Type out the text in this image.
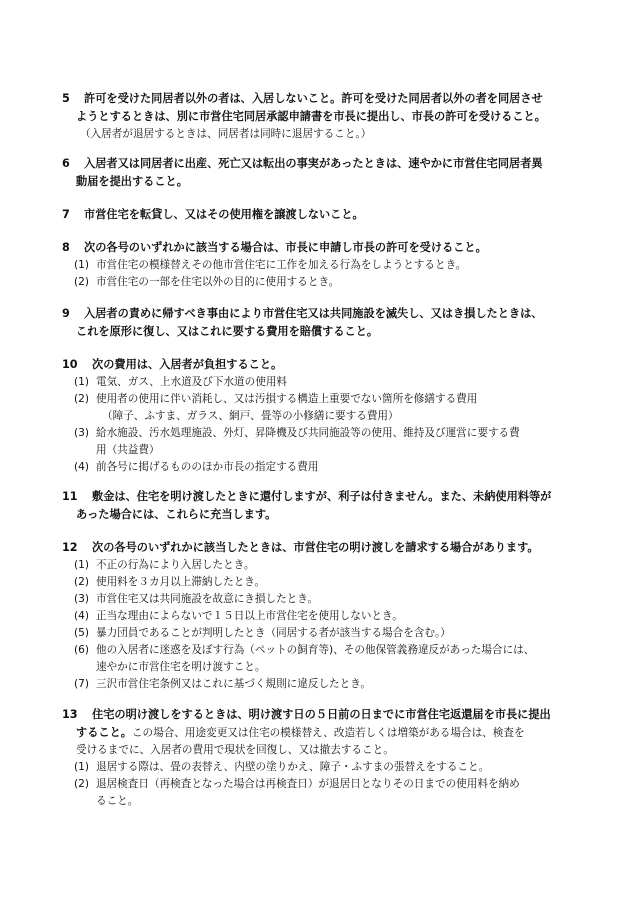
5 許可を受けた同居者以外の者は、入居しないこと。許可を受けた同居者以外の者を同居させ
ようとするときは、別に市営住宅同居承認申請書を市長に提出し、市長の許可を受けること。
（入居者が退居するときは、同居者は同時に退居すること。）
6 入居者又は同居者に出産、死亡又は転出の事実があったときは、速やかに市営住宅同居者異
動届を提出すること。
7 市営住宅を転貸し、又はその使用権を譲渡しないこと。
8 次の各号のいずれかに該当する場合は、市長に申請し市長の許可を受けること。
(1) 市営住宅の模様替えその他市営住宅に工作を加える行為をしようとするとき。
(2) 市営住宅の一部を住宅以外の目的に使用するとき。
9 入居者の責めに帰すべき事由により市営住宅又は共同施設を滅失し、又はき損したときは、
これを原形に復し、又はこれに要する費用を賠償すること。
10 次の費用は、入居者が負担すること。
(1) 電気、ガス、上水道及び下水道の使用料
(2) 使用者の使用に伴い消耗し、又は汚損する構造上重要でない箇所を修繕する費用
（障子、ふすま、ガラス、網戸、畳等の小修繕に要する費用）
(3) 給水施設、汚水処理施設、外灯、昇降機及び共同施設等の使用、維持及び運営に要する費
用（共益費）
(4) 前各号に掲げるもののほか市長の指定する費用
11 敷金は、住宅を明け渡したときに還付しますが、利子は付きません。また、未納使用料等が
あった場合には、これらに充当します。
12 次の各号のいずれかに該当したときは、市営住宅の明け渡しを請求する場合があります。
(1) 不正の行為により入居したとき。
(2) 使用料を３カ月以上滞納したとき。
(3) 市営住宅又は共同施設を故意にき損したとき。
(4) 正当な理由によらないで１５日以上市営住宅を使用しないとき。
(5) 暴力団員であることが判明したとき（同居する者が該当する場合を含む。）
(6) 他の入居者に迷惑を及ぼす行為（ペットの飼育等)、その他保管義務違反があった場合には、
速やかに市営住宅を明け渡すこと。
(7) 三沢市営住宅条例又はこれに基づく規則に違反したとき。
13 住宅の明け渡しをするときは、明け渡す日の５日前の日までに市営住宅返還届を市長に提出
すること。この場合、用途変更又は住宅の模様替え、改造若しくは増築がある場合は、検査を
受けるまでに、入居者の費用で現状を回復し、又は撤去すること。
(1) 退居する際は、畳の表替え、内壁の塗りかえ、障子・ふすまの張替えをすること。
(2) 退居検査日（再検査となった場合は再検査日）が退居日となりその日までの使用料を納め
ること。
